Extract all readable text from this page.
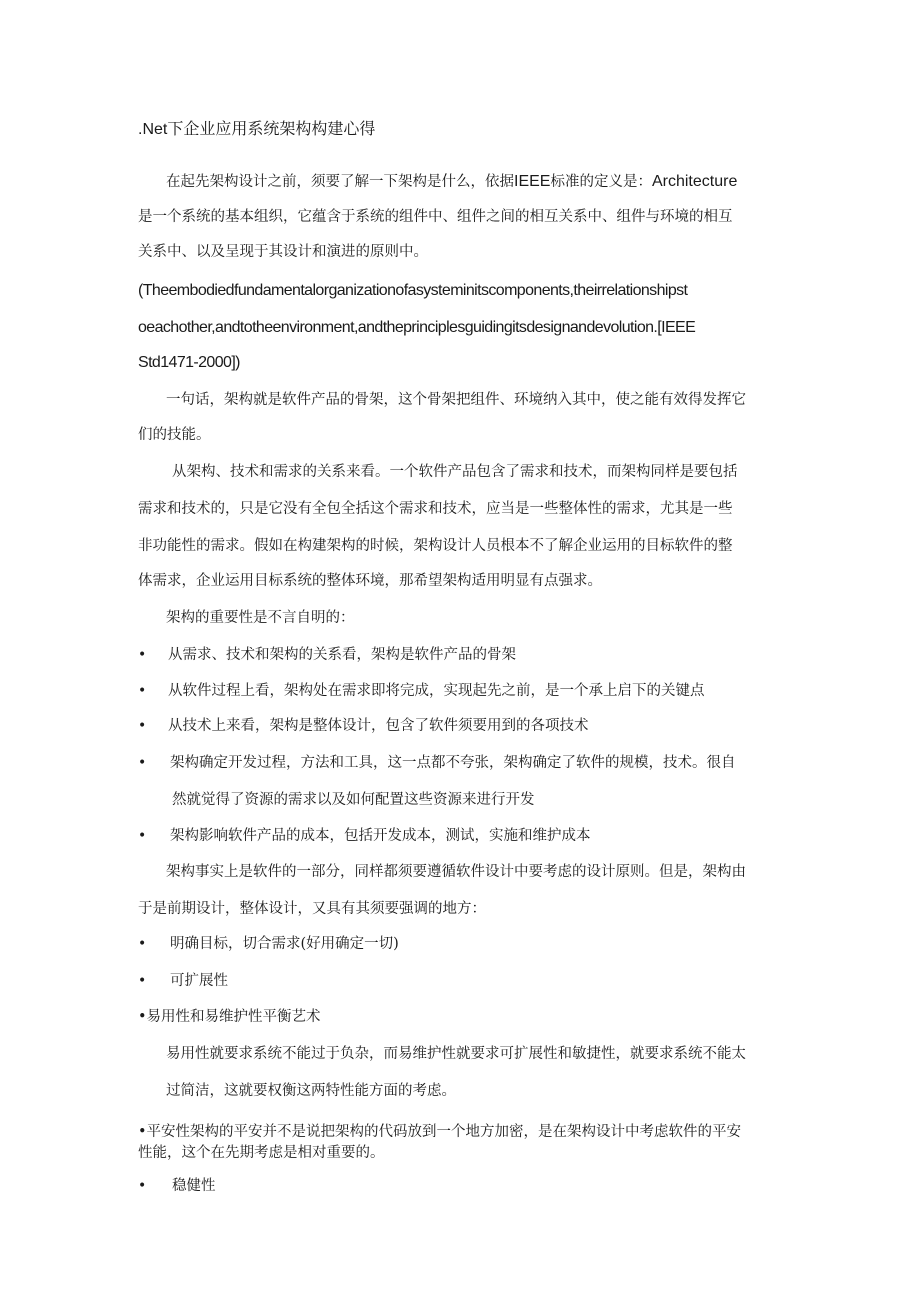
.Net下企业应用系统架构构建心得
在起先架构设计之前，须要了解一下架构是什么，依据IEEE标准的定义是：Architecture
是一个系统的基本组织，它蕴含于系统的组件中、组件之间的相互关系中、组件与环境的相互
关系中、以及呈现于其设计和演进的原则中。
(Theembodiedfundamentalorganizationofasysteminitscomponents,theirrelationshipst
oeachother,andtotheenvironment,andtheprinciplesguidingitsdesignandevolution.[IEEE
Std1471-2000])
一句话，架构就是软件产品的骨架，这个骨架把组件、环境纳入其中，使之能有效得发挥它
们的技能。
从架构、技术和需求的关系来看。一个软件产品包含了需求和技术，而架构同样是要包括
需求和技术的，只是它没有全包全括这个需求和技术，应当是一些整体性的需求，尤其是一些
非功能性的需求。假如在构建架构的时候，架构设计人员根本不了解企业运用的目标软件的整
体需求，企业运用目标系统的整体环境，那希望架构适用明显有点强求。
架构的重要性是不言自明的：
• 从需求、技术和架构的关系看，架构是软件产品的骨架
• 从软件过程上看，架构处在需求即将完成，实现起先之前，是一个承上启下的关键点
• 从技术上来看，架构是整体设计，包含了软件须要用到的各项技术
• 架构确定开发过程，方法和工具，这一点都不夸张，架构确定了软件的规模，技术。很自
然就觉得了资源的需求以及如何配置这些资源来进行开发
• 架构影响软件产品的成本，包括开发成本，测试，实施和维护成本
架构事实上是软件的一部分，同样都须要遵循软件设计中要考虑的设计原则。但是，架构由
于是前期设计，整体设计，又具有其须要强调的地方：
• 明确目标，切合需求(好用确定一切)
• 可扩展性
•易用性和易维护性平衡艺术
易用性就要求系统不能过于负杂，而易维护性就要求可扩展性和敏捷性，就要求系统不能太
过简洁，这就要权衡这两特性能方面的考虑。
•平安性架构的平安并不是说把架构的代码放到一个地方加密，是在架构设计中考虑软件的平安
性能，这个在先期考虑是相对重要的。
• 稳健性
